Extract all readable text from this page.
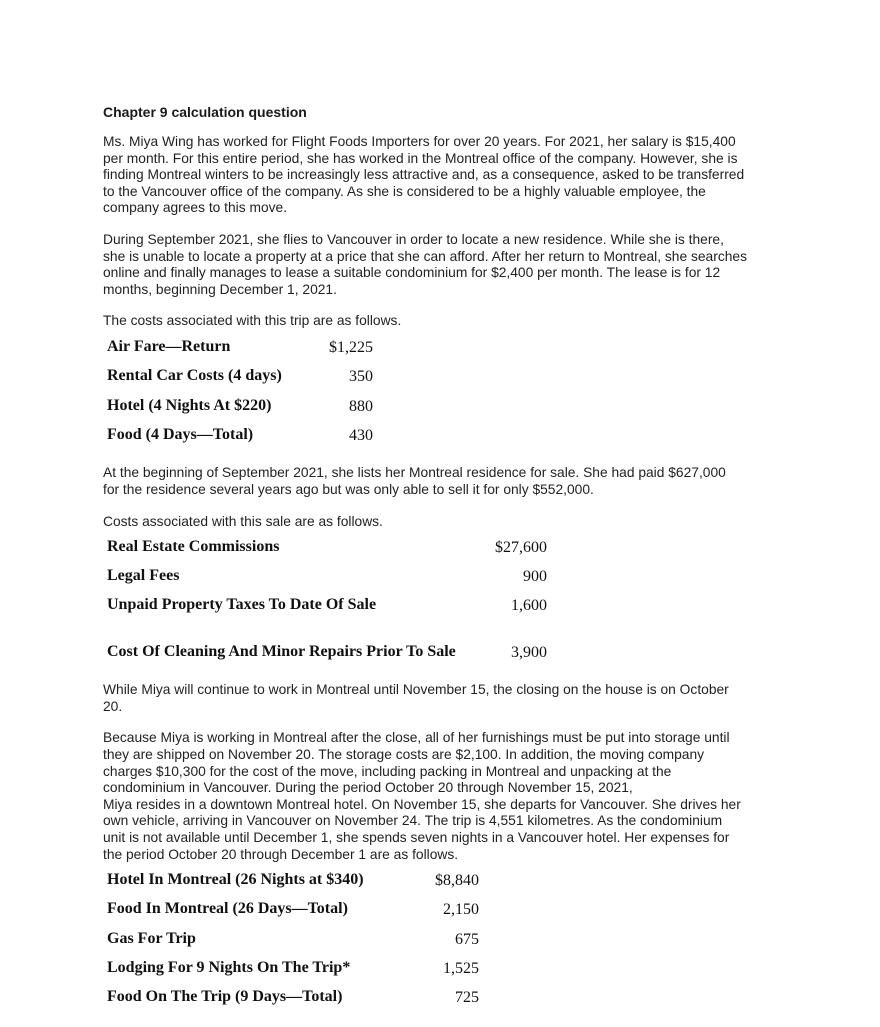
Chapter 9 calculation question
Ms. Miya Wing has worked for Flight Foods Importers for over 20 years. For 2021, her salary is $15,400
per month. For this entire period, she has worked in the Montreal office of the company. However, she is
finding Montreal winters to be increasingly less attractive and, as a consequence, asked to be transferred
to the Vancouver office of the company. As she is considered to be a highly valuable employee, the
company agrees to this move.
During September 2021, she flies to Vancouver in order to locate a new residence. While she is there,
she is unable to locate a property at a price that she can afford. After her return to Montreal, she searches
online and finally manages to lease a suitable condominium for $2,400 per month. The lease is for 12
months, beginning December 1, 2021.
The costs associated with this trip are as follows.
Air Fare—Return	$1,225
Rental Car Costs (4 days)	350
Hotel (4 Nights At $220)	880
Food (4 Days—Total)	430
At the beginning of September 2021, she lists her Montreal residence for sale. She had paid $627,000
for the residence several years ago but was only able to sell it for only $552,000.
Costs associated with this sale are as follows.
Real Estate Commissions	$27,600
Legal Fees	900
Unpaid Property Taxes To Date Of Sale	1,600
Cost Of Cleaning And Minor Repairs Prior To Sale	3,900
While Miya will continue to work in Montreal until November 15, the closing on the house is on October
20.
Because Miya is working in Montreal after the close, all of her furnishings must be put into storage until
they are shipped on November 20. The storage costs are $2,100. In addition, the moving company
charges $10,300 for the cost of the move, including packing in Montreal and unpacking at the
condominium in Vancouver. During the period October 20 through November 15, 2021,
Miya resides in a downtown Montreal hotel. On November 15, she departs for Vancouver. She drives her
own vehicle, arriving in Vancouver on November 24. The trip is 4,551 kilometres. As the condominium
unit is not available until December 1, she spends seven nights in a Vancouver hotel. Her expenses for
the period October 20 through December 1 are as follows.
Hotel In Montreal (26 Nights at $340)	$8,840
Food In Montreal (26 Days—Total)	2,150
Gas For Trip	675
Lodging For 9 Nights On The Trip*	1,525
Food On The Trip (9 Days—Total)	725
